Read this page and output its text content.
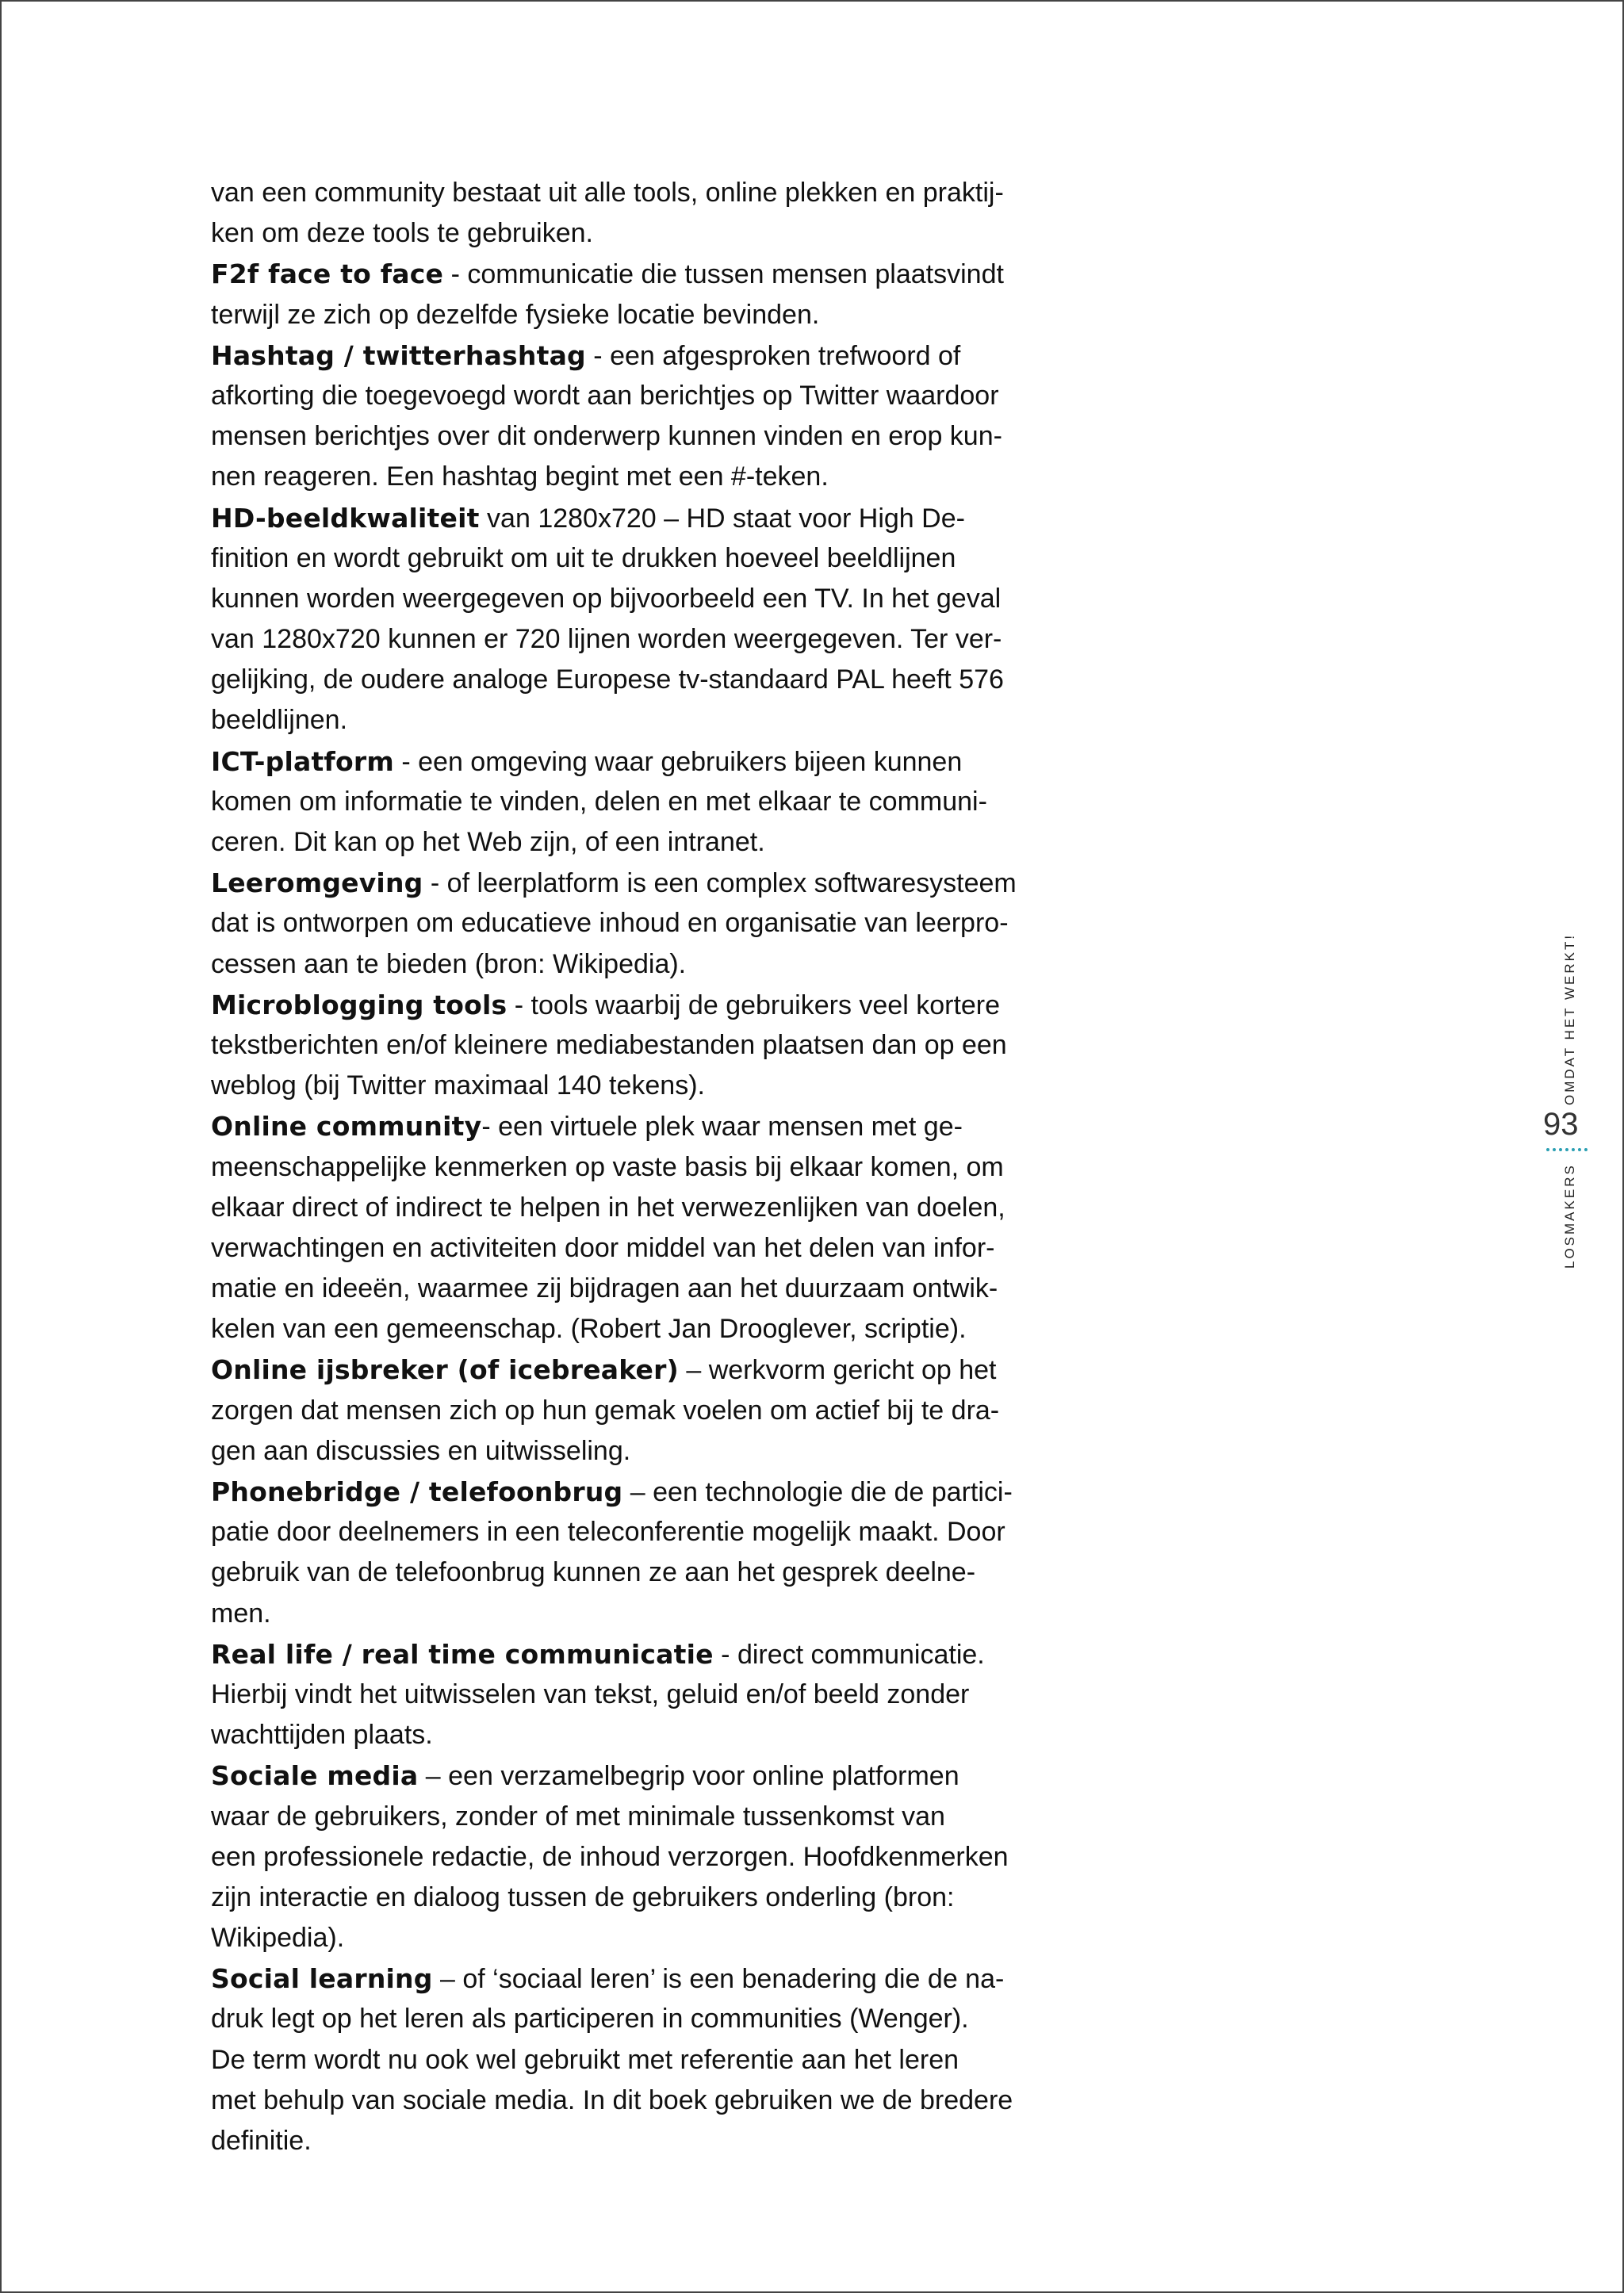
van een community bestaat uit alle tools, online plekken en praktij-
ken om deze tools te gebruiken.
F2f face to face - communicatie die tussen mensen plaatsvindt
terwijl ze zich op dezelfde fysieke locatie bevinden.
Hashtag / twitterhashtag - een afgesproken trefwoord of
afkorting die toegevoegd wordt aan berichtjes op Twitter waardoor
mensen berichtjes over dit onderwerp kunnen vinden en erop kun-
nen reageren. Een hashtag begint met een #-teken.
HD-beeldkwaliteit van 1280x720 – HD staat voor High De-
finition en wordt gebruikt om uit te drukken hoeveel beeldlijnen
kunnen worden weergegeven op bijvoorbeeld een TV. In het geval
van 1280x720 kunnen er 720 lijnen worden weergegeven. Ter ver-
gelijking, de oudere analoge Europese tv-standaard PAL heeft 576
beeldlijnen.
ICT-platform - een omgeving waar gebruikers bijeen kunnen
komen om informatie te vinden, delen en met elkaar te communi-
ceren. Dit kan op het Web zijn, of een intranet.
Leeromgeving - of leerplatform is een complex softwaresysteem
dat is ontworpen om educatieve inhoud en organisatie van leerpro-
cessen aan te bieden (bron: Wikipedia).
Microblogging tools - tools waarbij de gebruikers veel kortere
tekstberichten en/of kleinere mediabestanden plaatsen dan op een
weblog (bij Twitter maximaal 140 tekens).
Online community- een virtuele plek waar mensen met ge-
meenschappelijke kenmerken op vaste basis bij elkaar komen, om
elkaar direct of indirect te helpen in het verwezenlijken van doelen,
verwachtingen en activiteiten door middel van het delen van infor-
matie en ideeën, waarmee zij bijdragen aan het duurzaam ontwik-
kelen van een gemeenschap. (Robert Jan Drooglever, scriptie).
Online ijsbreker (of icebreaker) – werkvorm gericht op het
zorgen dat mensen zich op hun gemak voelen om actief bij te dra-
gen aan discussies en uitwisseling.
Phonebridge / telefoonbrug – een technologie die de partici-
patie door deelnemers in een teleconferentie mogelijk maakt. Door
gebruik van de telefoonbrug kunnen ze aan het gesprek deelne-
men.
Real life / real time communicatie - direct communicatie.
Hierbij vindt het uitwisselen van tekst, geluid en/of beeld zonder
wachttijden plaats.
Sociale media – een verzamelbegrip voor online platformen
waar de gebruikers, zonder of met minimale tussenkomst van
een professionele redactie, de inhoud verzorgen. Hoofdkenmerken
zijn interactie en dialoog tussen de gebruikers onderling (bron:
Wikipedia).
Social learning – of ‘sociaal leren’ is een benadering die de na-
druk legt op het leren als participeren in communities (Wenger).
De term wordt nu ook wel gebruikt met referentie aan het leren
met behulp van sociale media. In dit boek gebruiken we de bredere
definitie.
LOSMAKERS
OMDAT HET WERKT!
93
